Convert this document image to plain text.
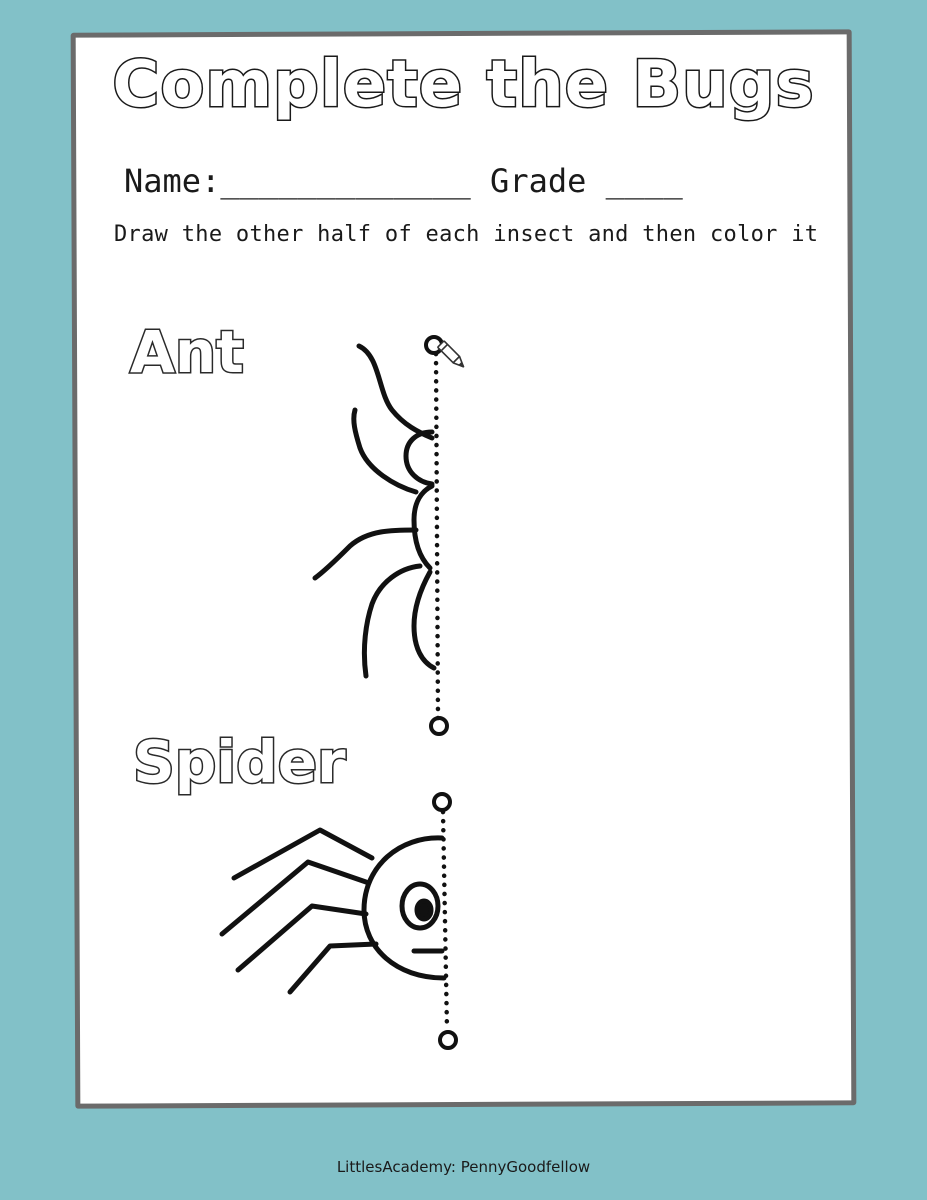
Complete the Bugs
Name:_____________ Grade ____
Draw the other half of each insect and then color it
Ant
Spider
LittlesAcademy: PennyGoodfellow
